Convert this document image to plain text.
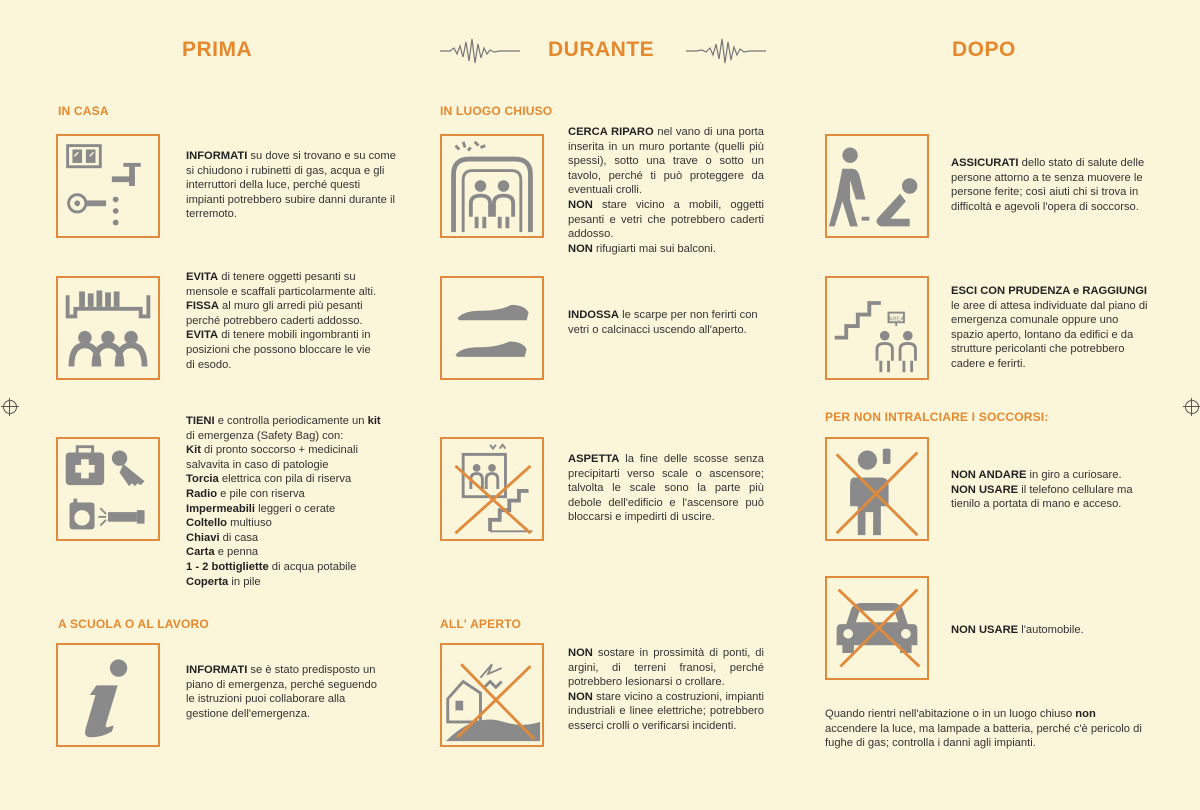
PRIMA	DURANTE	DOPO
IN CASA

INFORMATI su dove si trovano e su come si chiudono i rubinetti di gas, acqua e gli interruttori della luce, perché questi impianti potrebbero subire danni durante il terremoto.

EVITA di tenere oggetti pesanti su mensole e scaffali particolarmente alti.

FISSA al muro gli arredi più pesanti perché potrebbero caderti addosso.

EVITA di tenere mobili ingombranti in posizioni che possono bloccare le vie di esodo.

TIENI e controlla periodicamente un kit di emergenza (Safety Bag) con:

Kit di pronto soccorso + medicinali salvavita in caso di patologie

Torcia elettrica con pila di riserva

Radio e pile con riserva

Impermeabili leggeri o cerate

Coltello multiuso

Chiavi di casa

Carta e penna

1 - 2 bottigliette di acqua potabile

Coperta in pile

A SCUOLA O AL LAVORO

INFORMATI se è stato predisposto un piano di emergenza, perché seguendo le istruzioni puoi collaborare alla gestione dell'emergenza.

IN LUOGO CHIUSO

CERCA RIPARO nel vano di una porta inserita in un muro portante (quelli più spessi), sotto una trave o sotto un tavolo, perché ti può proteggere da eventuali crolli.

NON stare vicino a mobili, oggetti pesanti e vetri che potrebbero caderti addosso.

NON rifugiarti mai sui balconi.

INDOSSA le scarpe per non ferirti con vetri o calcinacci uscendo all'aperto.

ASPETTA la fine delle scosse senza precipitarti verso scale o ascensore; talvolta le scale sono la parte più debole dell'edificio e l'ascensore può bloccarsi e impedirti di uscire.

ALL' APERTO

NON sostare in prossimità di ponti, di argini, di terreni franosi, perché potrebbero lesionarsi o crollare.

NON stare vicino a costruzioni, impianti industriali e linee elettriche; potrebbero esserci crolli o verificarsi incidenti.

ASSICURATI dello stato di salute delle persone attorno a te senza muovere le persone ferite; così aiuti chi si trova in difficoltà e agevoli l'opera di soccorso.

AREA

ESCI CON PRUDENZA e RAGGIUNGI le aree di attesa individuate dal piano di emergenza comunale oppure uno spazio aperto, lontano da edifici e da strutture pericolanti che potrebbero cadere e ferirti.

PER NON INTRALCIARE I SOCCORSI:

NON ANDARE in giro a curiosare.

NON USARE il telefono cellulare ma tienilo a portata di mano e acceso.

NON USARE l'automobile.

Quando rientri nell'abitazione o in un luogo chiuso non accendere la luce, ma lampade a batteria, perché c'è pericolo di fughe di gas; controlla i danni agli impianti.
